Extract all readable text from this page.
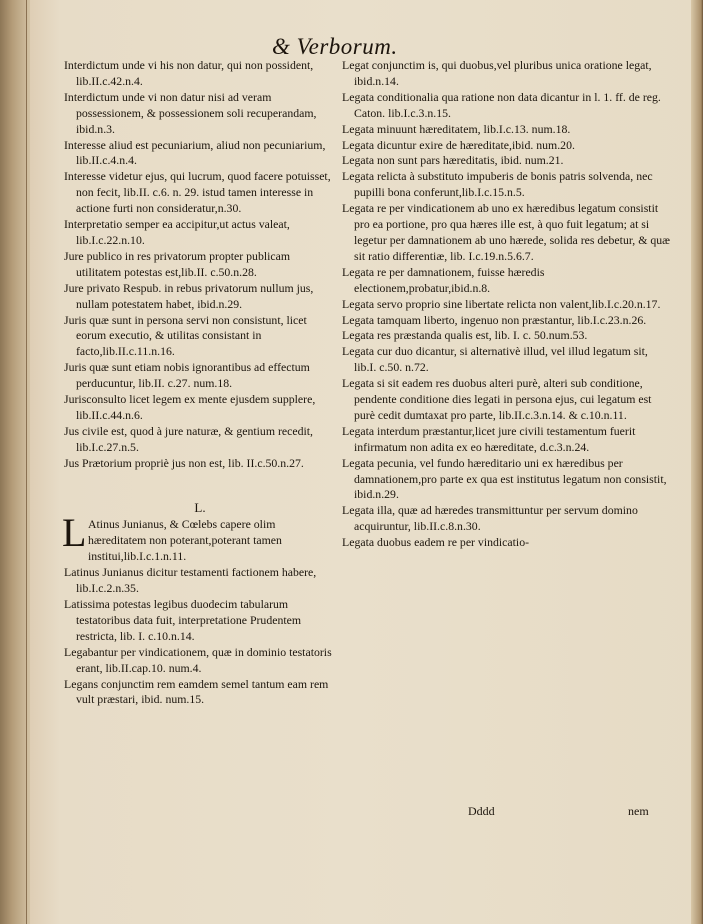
& Verborum.

Interdictum unde vi his non datur, qui non possident, lib.II.c.42.n.4.

Interdictum unde vi non datur nisi ad veram possessionem, & possessionem soli recuperandam, ibid.n.3.

Interesse aliud est pecuniarium, aliud non pecuniarium, lib.II.c.4.n.4.

Interesse videtur ejus, qui lucrum, quod facere potuisset, non fecit, lib.II. c.6. n. 29. istud tamen interesse in actione furti non consideratur,n.30.

Interpretatio semper ea accipitur,ut actus valeat, lib.I.c.22.n.10.

Jure publico in res privatorum propter publicam utilitatem potestas est,lib.II. c.50.n.28.

Jure privato Respub. in rebus privatorum nullum jus, nullam potestatem habet, ibid.n.29.

Juris quæ sunt in persona servi non consistunt, licet eorum executio, & utilitas consistant in facto,lib.II.c.11.n.16.

Juris quæ sunt etiam nobis ignorantibus ad effectum perducuntur, lib.II. c.27. num.18.

Jurisconsulto licet legem ex mente ejusdem supplere, lib.II.c.44.n.6.

Jus civile est, quod à jure naturæ, & gentium recedit, lib.I.c.27.n.5.

Jus Prætorium propriè jus non est, lib. II.c.50.n.27.

L.

L Atinus Junianus, & Cœlebs capere olim hæreditatem non poterant,poterant tamen institui,lib.I.c.1.n.11.

Latinus Junianus dicitur testamenti factionem habere, lib.I.c.2.n.35.

Latissima potestas legibus duodecim tabularum testatoribus data fuit, interpretatione Prudentem restricta, lib. I. c.10.n.14.

Legabantur per vindicationem, quæ in dominio testatoris erant, lib.II.cap.10. num.4.

Legans conjunctim rem eamdem semel tantum eam rem vult præstari, ibid. num.15.

Legat conjunctim is, qui duobus,vel pluribus unica oratione legat, ibid.n.14.

Legata conditionalia qua ratione non data dicantur in l. 1. ff. de reg. Caton. lib.I.c.3.n.15.

Legata minuunt hæreditatem, lib.I.c.13. num.18.

Legata dicuntur exire de hæreditate,ibid. num.20.

Legata non sunt pars hæreditatis, ibid. num.21.

Legata relicta à substituto impuberis de bonis patris solvenda, nec pupilli bona conferunt,lib.I.c.15.n.5.

Legata re per vindicationem ab uno ex hæredibus legatum consistit pro ea portione, pro qua hæres ille est, à quo fuit legatum; at si legetur per damnationem ab uno hærede, solida res debetur, & quæ sit ratio differentiæ, lib. I.c.19.n.5.6.7.

Legata re per damnationem, fuisse hæredis electionem,probatur,ibid.n.8.

Legata servo proprio sine libertate relicta non valent,lib.I.c.20.n.17.

Legata tamquam liberto, ingenuo non præstantur, lib.I.c.23.n.26.

Legata res præstanda qualis est, lib. I. c. 50.num.53.

Legata cur duo dicantur, si alternativè illud, vel illud legatum sit, lib.I. c.50. n.72.

Legata si sit eadem res duobus alteri purè, alteri sub conditione, pendente conditione dies legati in persona ejus, cui legatum est purè cedit dumtaxat pro parte, lib.II.c.3.n.14. & c.10.n.11.

Legata interdum præstantur,licet jure civili testamentum fuerit infirmatum non adita ex eo hæreditate, d.c.3.n.24.

Legata pecunia, vel fundo hæreditario uni ex hæredibus per damnationem,pro parte ex qua est institutus legatum non consistit, ibid.n.29.

Legata illa, quæ ad hæredes transmittuntur per servum domino acquiruntur, lib.II.c.8.n.30.

Legata duobus eadem re per vindicatio-

Dddd	nem
